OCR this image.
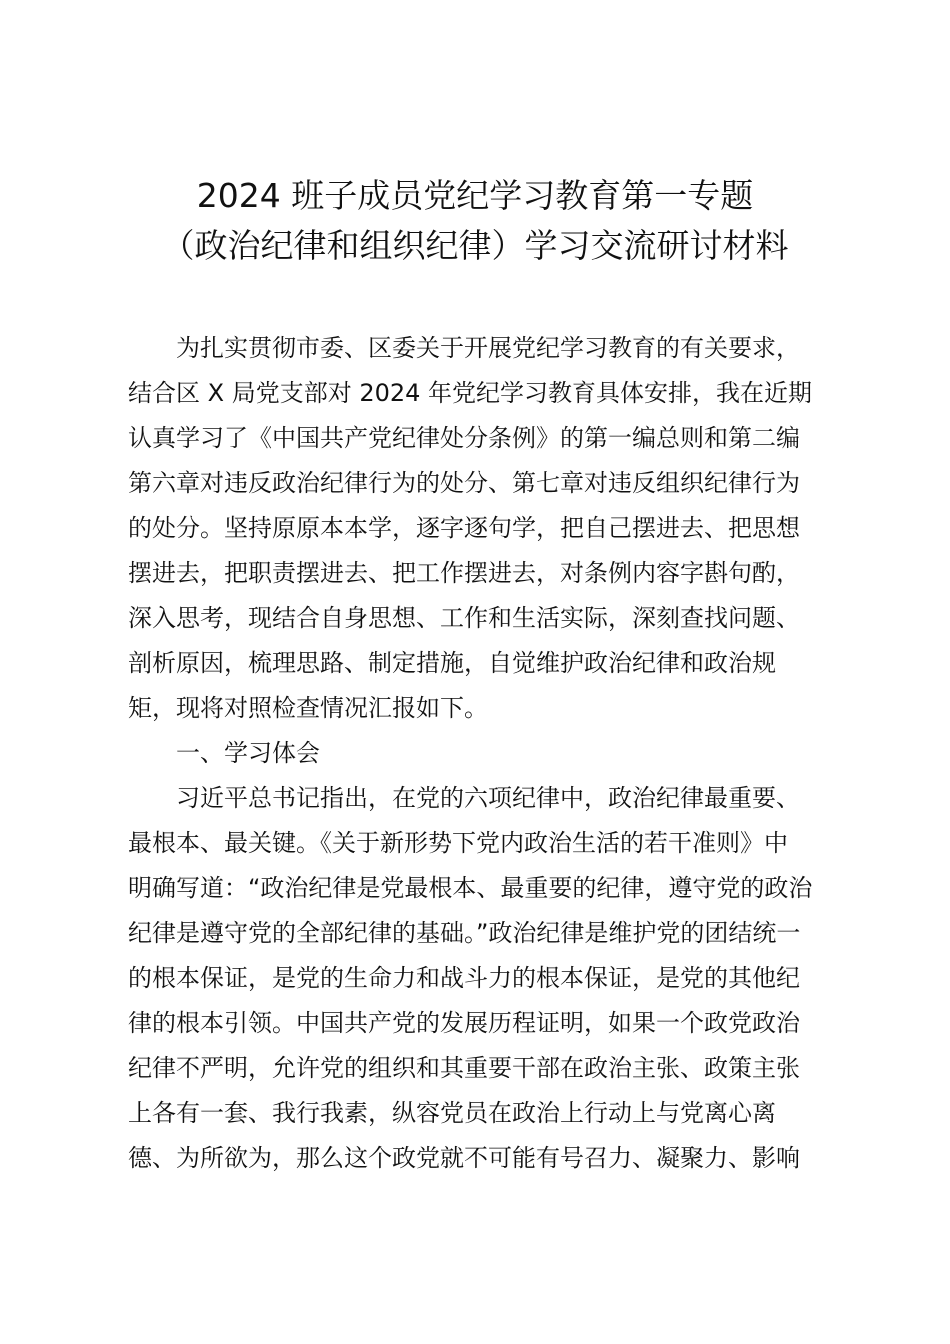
2024 班子成员党纪学习教育第一专题
（政治纪律和组织纪律）学习交流研讨材料
为扎实贯彻市委、区委关于开展党纪学习教育的有关要求，
结合区 X 局党支部对 2024 年党纪学习教育具体安排，我在近期
认真学习了《中国共产党纪律处分条例》的第一编总则和第二编
第六章对违反政治纪律行为的处分、第七章对违反组织纪律行为
的处分。坚持原原本本学，逐字逐句学，把自己摆进去、把思想
摆进去，把职责摆进去、把工作摆进去，对条例内容字斟句酌，
深入思考，现结合自身思想、工作和生活实际，深刻查找问题、
剖析原因，梳理思路、制定措施，自觉维护政治纪律和政治规
矩，现将对照检查情况汇报如下。
一、学习体会
习近平总书记指出，在党的六项纪律中，政治纪律最重要、
最根本、最关键。《关于新形势下党内政治生活的若干准则》中
明确写道：“政治纪律是党最根本、最重要的纪律，遵守党的政治
纪律是遵守党的全部纪律的基础。”政治纪律是维护党的团结统一
的根本保证，是党的生命力和战斗力的根本保证，是党的其他纪
律的根本引领。中国共产党的发展历程证明，如果一个政党政治
纪律不严明，允许党的组织和其重要干部在政治主张、政策主张
上各有一套、我行我素，纵容党员在政治上行动上与党离心离
德、为所欲为，那么这个政党就不可能有号召力、凝聚力、影响
